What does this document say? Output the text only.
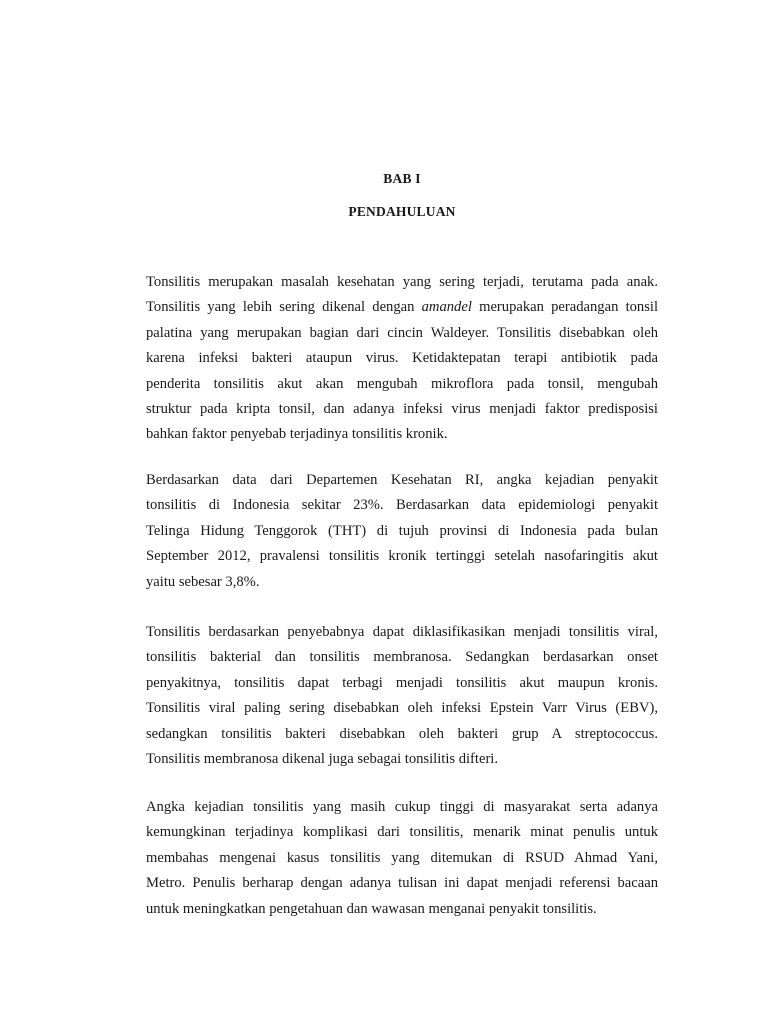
BAB I
PENDAHULUAN

Tonsilitis merupakan masalah kesehatan yang sering terjadi, terutama pada anak.
Tonsilitis yang lebih sering dikenal dengan amandel merupakan peradangan tonsil
palatina yang merupakan bagian dari cincin Waldeyer. Tonsilitis disebabkan oleh
karena infeksi bakteri ataupun virus. Ketidaktepatan terapi antibiotik pada
penderita tonsilitis akut akan mengubah mikroflora pada tonsil, mengubah
struktur pada kripta tonsil, dan adanya infeksi virus menjadi faktor predisposisi
bahkan faktor penyebab terjadinya tonsilitis kronik.

Berdasarkan data dari Departemen Kesehatan RI, angka kejadian penyakit
tonsilitis di Indonesia sekitar 23%. Berdasarkan data epidemiologi penyakit
Telinga Hidung Tenggorok (THT) di tujuh provinsi di Indonesia pada bulan
September 2012, pravalensi tonsilitis kronik tertinggi setelah nasofaringitis akut
yaitu sebesar 3,8%.

Tonsilitis berdasarkan penyebabnya dapat diklasifikasikan menjadi tonsilitis viral,
tonsilitis bakterial dan tonsilitis membranosa. Sedangkan berdasarkan onset
penyakitnya, tonsilitis dapat terbagi menjadi tonsilitis akut maupun kronis.
Tonsilitis viral paling sering disebabkan oleh infeksi Epstein Varr Virus (EBV),
sedangkan tonsilitis bakteri disebabkan oleh bakteri grup A streptococcus.
Tonsilitis membranosa dikenal juga sebagai tonsilitis difteri.

Angka kejadian tonsilitis yang masih cukup tinggi di masyarakat serta adanya
kemungkinan terjadinya komplikasi dari tonsilitis, menarik minat penulis untuk
membahas mengenai kasus tonsilitis yang ditemukan di RSUD Ahmad Yani,
Metro. Penulis berharap dengan adanya tulisan ini dapat menjadi referensi bacaan
untuk meningkatkan pengetahuan dan wawasan menganai penyakit tonsilitis.
